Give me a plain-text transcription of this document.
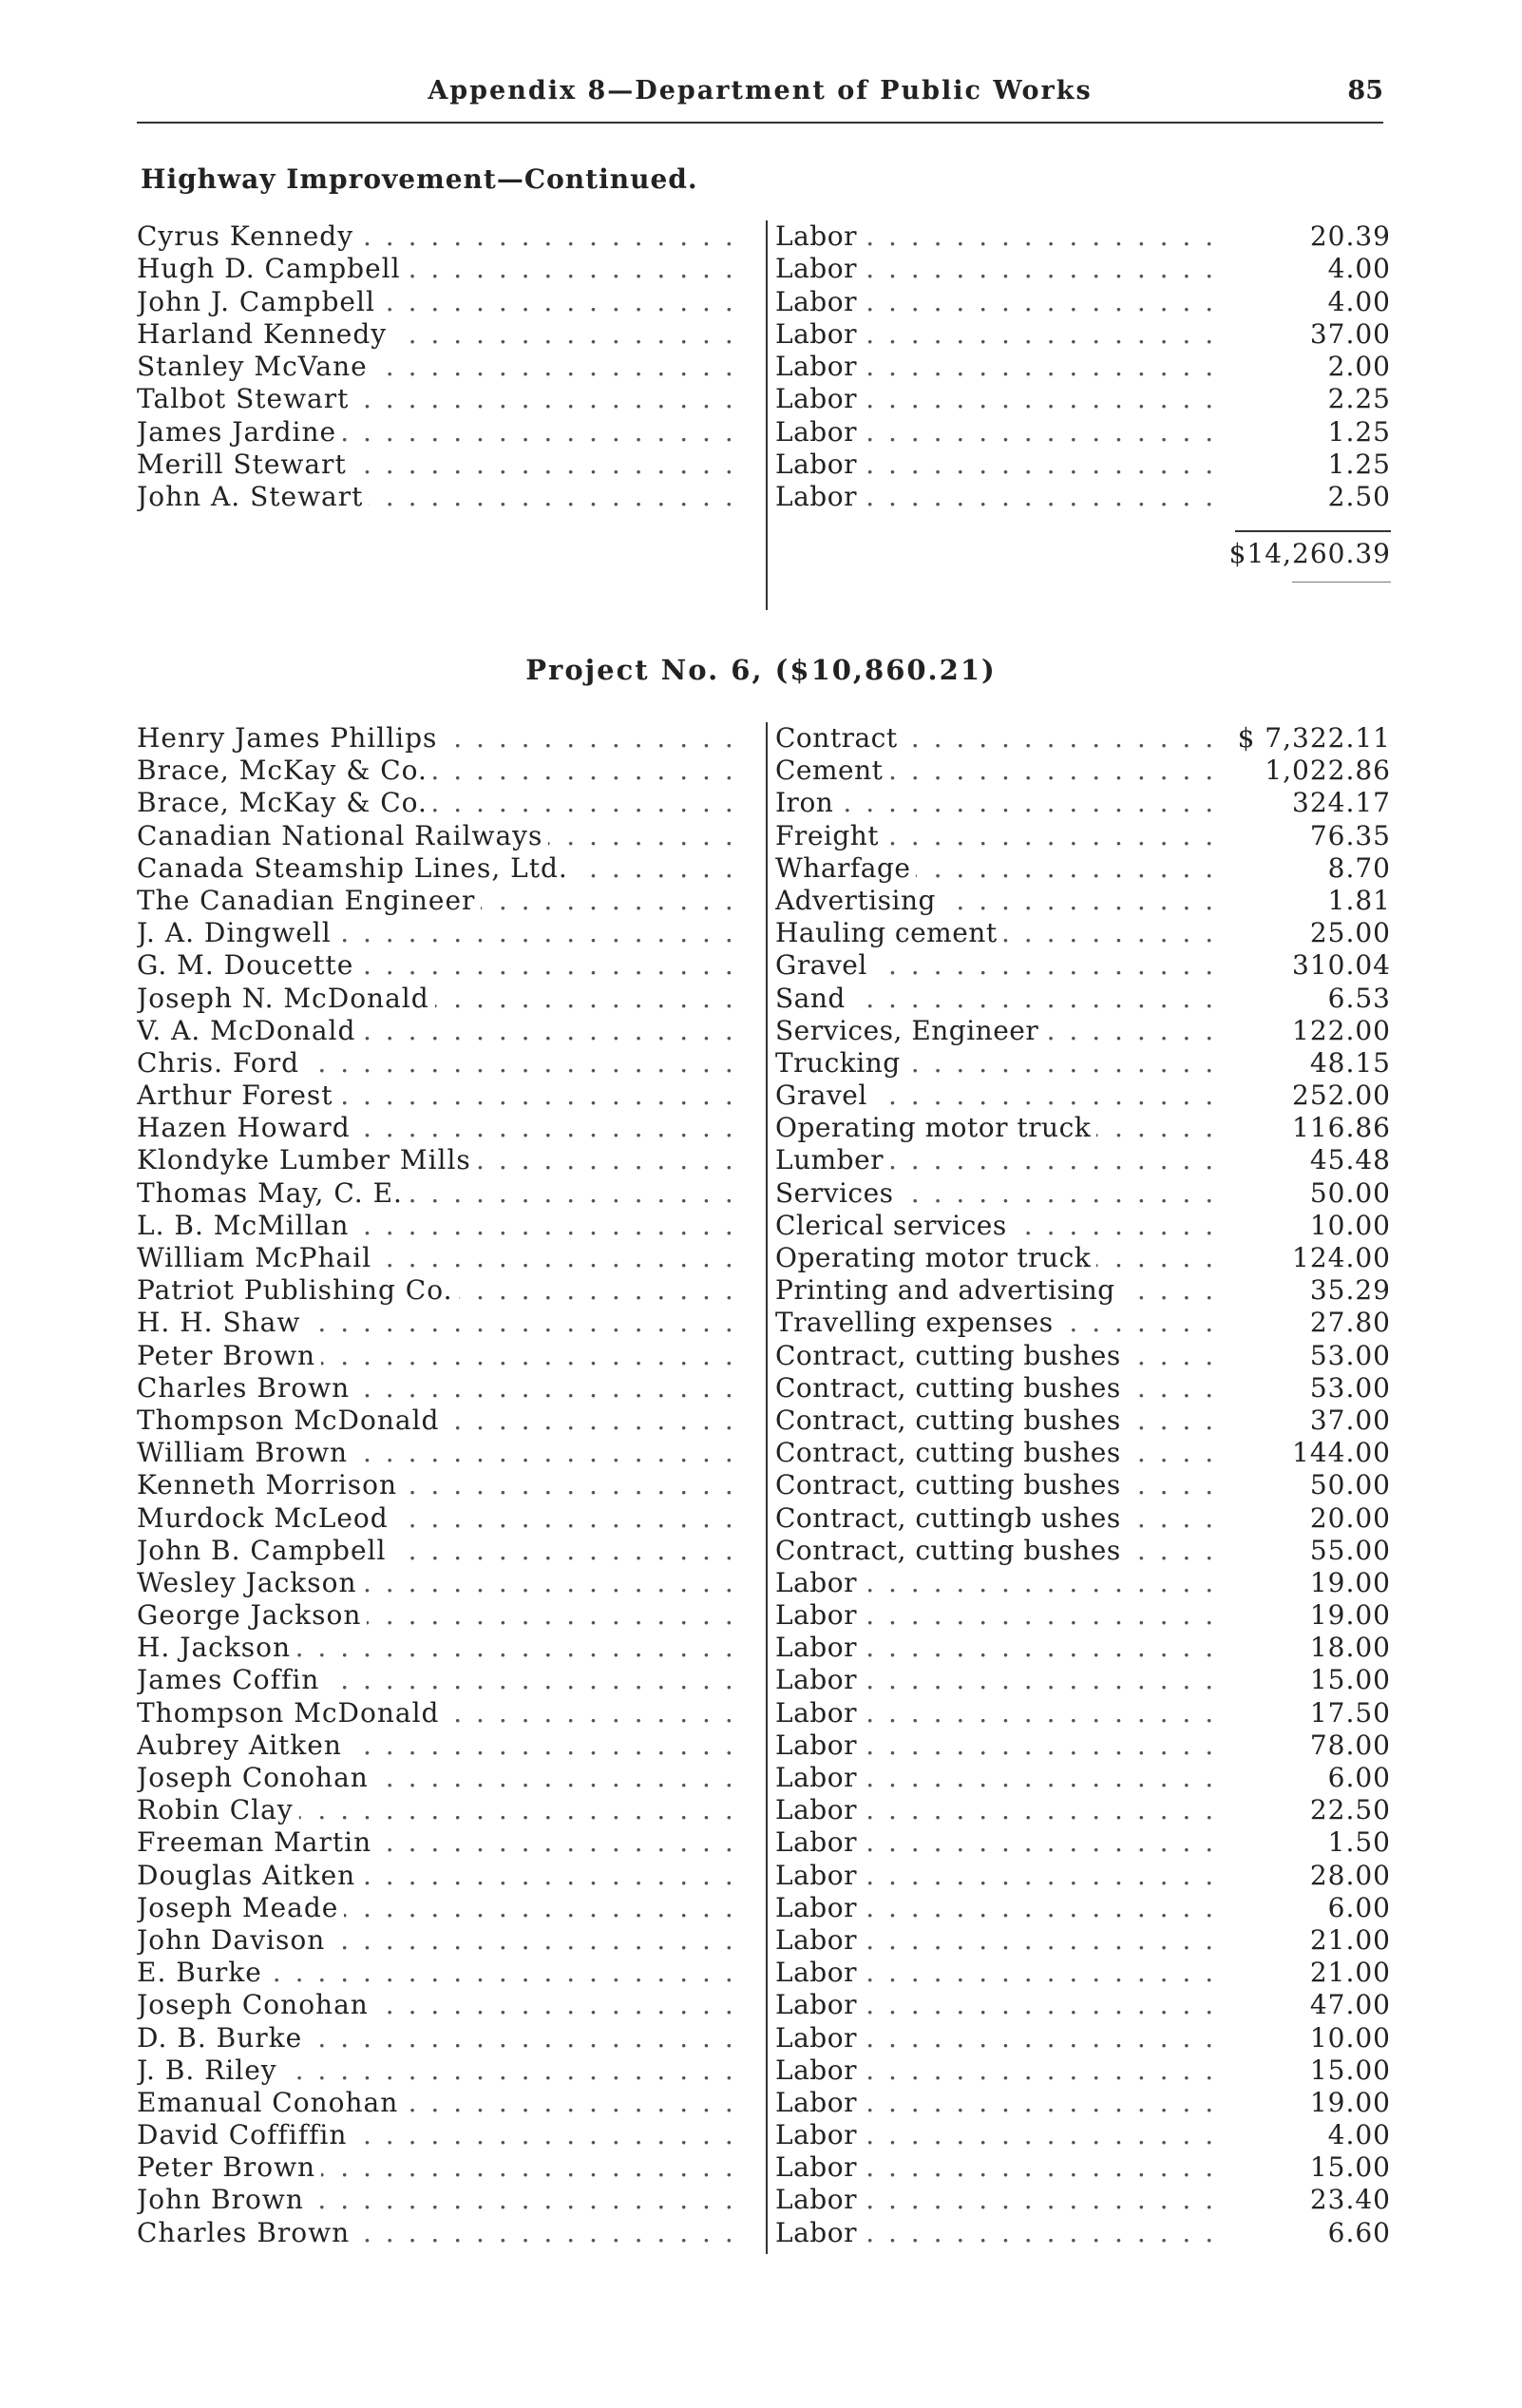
Appendix 8—Department of Public Works	85
Highway Improvement—Continued.
Cyrus Kennedy . . .	Labor . . .	20.39
Hugh D. Campbell . . .	Labor . . .	4.00
John J. Campbell . . .	Labor . . .	4.00
Harland Kennedy . . .	Labor . . .	37.00
Stanley McVane . . .	Labor . . .	2.00
Talbot Stewart . . .	Labor . . .	2.25
James Jardine . . .	Labor . . .	1.25
Merill Stewart . . .	Labor . . .	1.25
John A. Stewart . . .	Labor . . .	2.50
$14,260.39
Project No. 6, ($10,860.21)
Henry James Phillips . . .	Contract . . .	$ 7,322.11
Brace, McKay & Co. . . .	Cement . . .	1,022.86
Brace, McKay & Co. . . .	Iron . . .	324.17
Canadian National Railways . . .	Freight . . .	76.35
Canada Steamship Lines, Ltd. . . .	Wharfage . . .	8.70
The Canadian Engineer . . .	Advertising . . .	1.81
J. A. Dingwell . . .	Hauling cement . . .	25.00
G. M. Doucette . . .	Gravel . . .	310.04
Joseph N. McDonald . . .	Sand . . .	6.53
V. A. McDonald . . .	Services, Engineer . . .	122.00
Chris. Ford . . .	Trucking . . .	48.15
Arthur Forest . . .	Gravel . . .	252.00
Hazen Howard . . .	Operating motor truck . . .	116.86
Klondyke Lumber Mills . . .	Lumber . . .	45.48
Thomas May, C. E. . . .	Services . . .	50.00
L. B. McMillan . . .	Clerical services . . .	10.00
William McPhail . . .	Operating motor truck . . .	124.00
Patriot Publishing Co. . . .	Printing and advertising . . .	35.29
H. H. Shaw . . .	Travelling expenses . . .	27.80
Peter Brown . . .	Contract, cutting bushes . . .	53.00
Charles Brown . . .	Contract, cutting bushes . . .	53.00
Thompson McDonald . . .	Contract, cutting bushes . . .	37.00
William Brown . . .	Contract, cutting bushes . . .	144.00
Kenneth Morrison . . .	Contract, cutting bushes . . .	50.00
Murdock McLeod . . .	Contract, cuttingb ushes . . .	20.00
John B. Campbell . . .	Contract, cutting bushes . . .	55.00
Wesley Jackson . . .	Labor . . .	19.00
George Jackson . . .	Labor . . .	19.00
H. Jackson . . .	Labor . . .	18.00
James Coffin . . .	Labor . . .	15.00
Thompson McDonald . . .	Labor . . .	17.50
Aubrey Aitken . . .	Labor . . .	78.00
Joseph Conohan . . .	Labor . . .	6.00
Robin Clay . . .	Labor . . .	22.50
Freeman Martin . . .	Labor . . .	1.50
Douglas Aitken . . .	Labor . . .	28.00
Joseph Meade . . .	Labor . . .	6.00
John Davison . . .	Labor . . .	21.00
E. Burke . . .	Labor . . .	21.00
Joseph Conohan . . .	Labor . . .	47.00
D. B. Burke . . .	Labor . . .	10.00
J. B. Riley . . .	Labor . . .	15.00
Emanual Conohan . . .	Labor . . .	19.00
David Coffiffin . . .	Labor . . .	4.00
Peter Brown . . .	Labor . . .	15.00
John Brown . . .	Labor . . .	23.40
Charles Brown . . .	Labor . . .	6.60
